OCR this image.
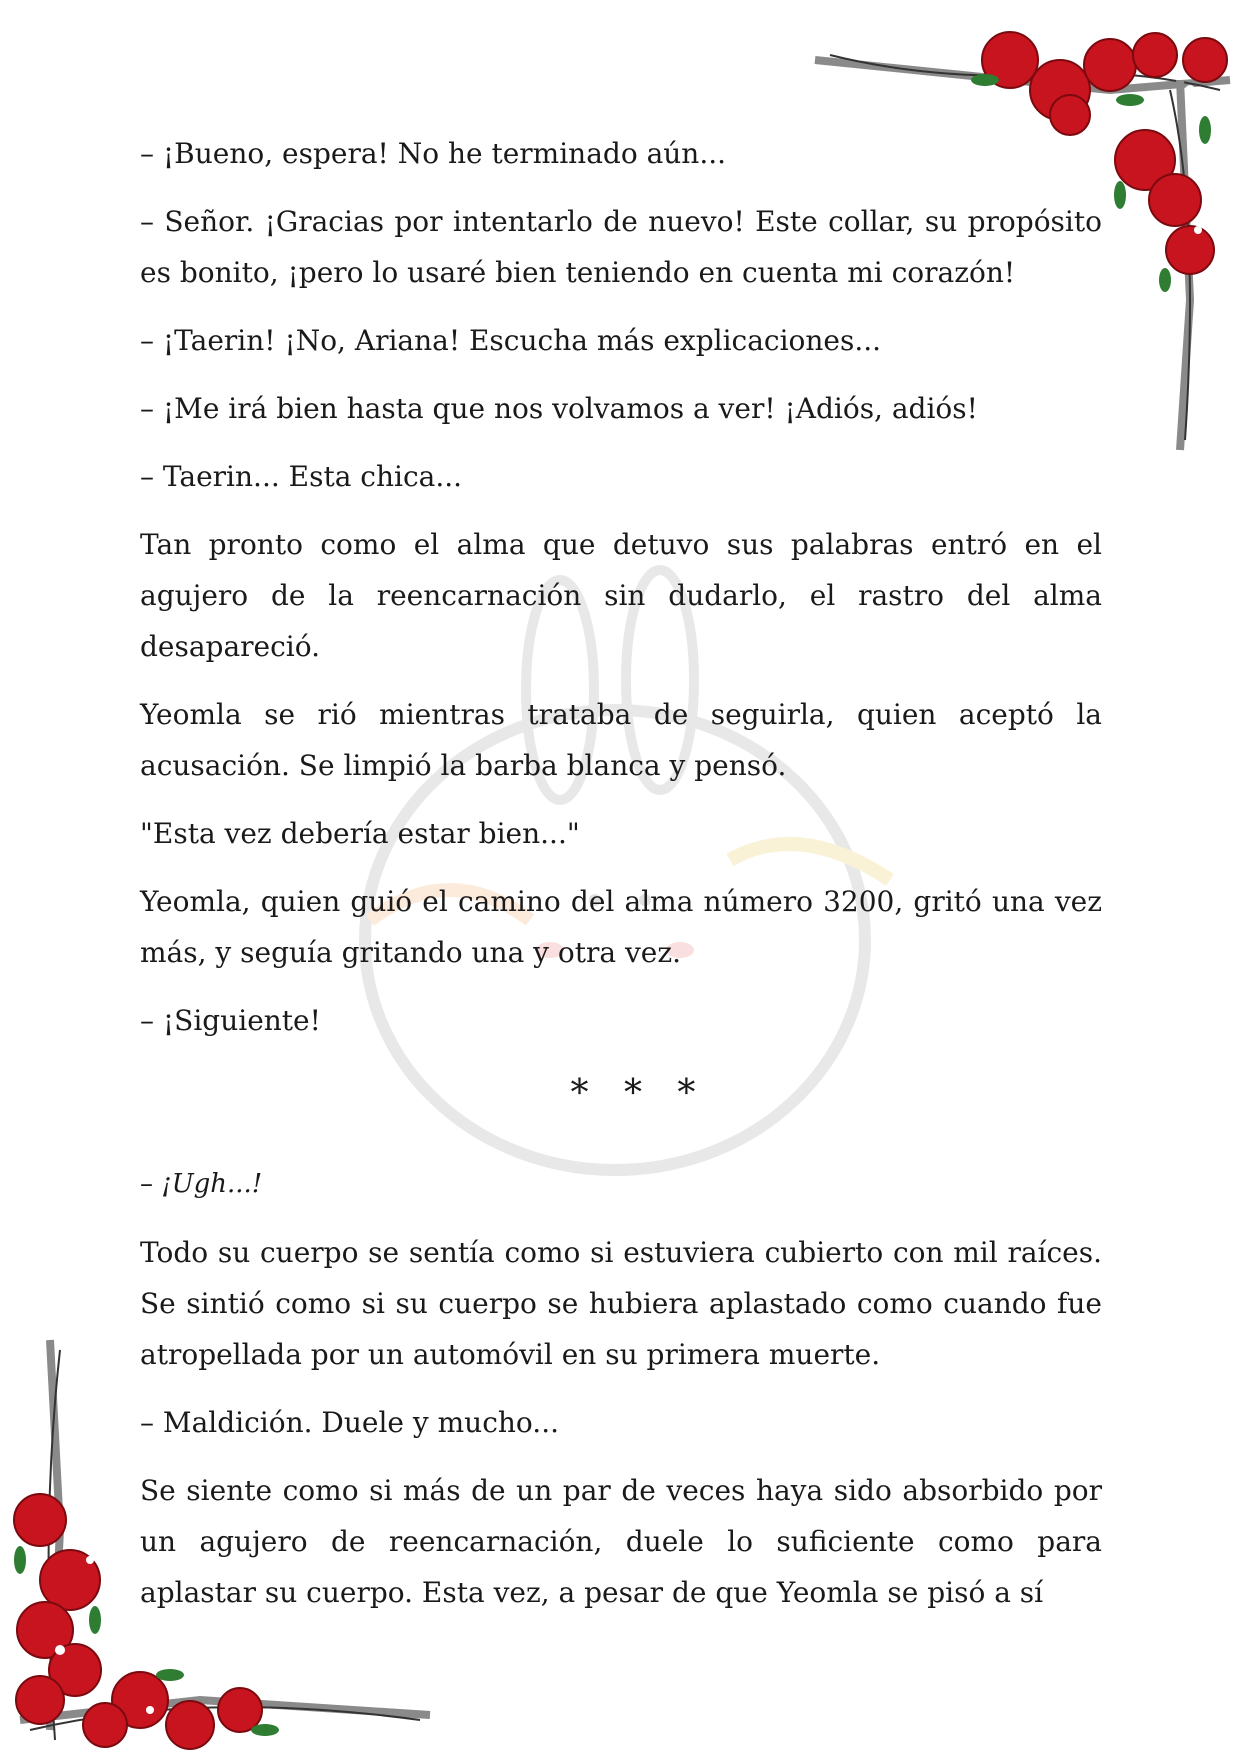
– ¡Bueno, espera! No he terminado aún...

– Señor. ¡Gracias por intentarlo de nuevo! Este collar, su propósito es bonito, ¡pero lo usaré bien teniendo en cuenta mi corazón!

– ¡Taerin! ¡No, Ariana! Escucha más explicaciones...

– ¡Me irá bien hasta que nos volvamos a ver! ¡Adiós, adiós!

– Taerin... Esta chica...

Tan pronto como el alma que detuvo sus palabras entró en el agujero de la reencarnación sin dudarlo, el rastro del alma desapareció.

Yeomla se rió mientras trataba de seguirla, quien aceptó la acusación. Se limpió la barba blanca y pensó.

"Esta vez debería estar bien..."

Yeomla, quien guió el camino del alma número 3200, gritó una vez más, y seguía gritando una y otra vez.

– ¡Siguiente!

* * *

– ¡Ugh...!

Todo su cuerpo se sentía como si estuviera cubierto con mil raíces. Se sintió como si su cuerpo se hubiera aplastado como cuando fue atropellada por un automóvil en su primera muerte.

– Maldición. Duele y mucho...

Se siente como si más de un par de veces haya sido absorbido por un agujero de reencarnación, duele lo suficiente como para aplastar su cuerpo. Esta vez, a pesar de que Yeomla se pisó a sí
